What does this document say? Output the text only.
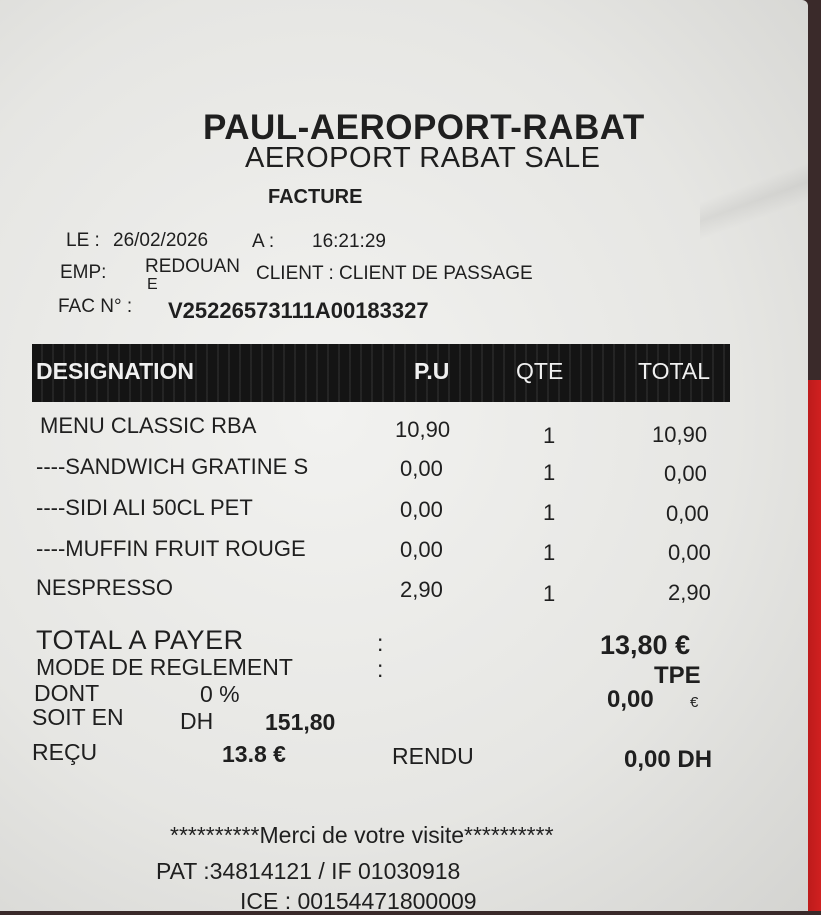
PAUL-AEROPORT-RABAT
AEROPORT RABAT SALE
FACTURE
LE : 26/02/2026 A : 16:21:29
EMP: REDOUAN
E
CLIENT : CLIENT DE PASSAGE
FAC N° : V25226573111A00183327
DESIGNATION	P.U	QTE	TOTAL
MENU CLASSIC RBA	10,90	1	10,90
----SANDWICH GRATINE S	0,00	1	0,00
----SIDI ALI 50CL PET	0,00	1	0,00
----MUFFIN FRUIT ROUGE	0,00	1	0,00
NESPRESSO	2,90	1	2,90
TOTAL A PAYER	:	13,80 €
MODE DE REGLEMENT	:	TPE
DONT	0 %	0,00 €
SOIT EN DH 151,80
REÇU	13.8 €	RENDU	0,00 DH
**********Merci de votre visite**********
PAT :34814121 / IF 01030918
ICE : 00154471800009
